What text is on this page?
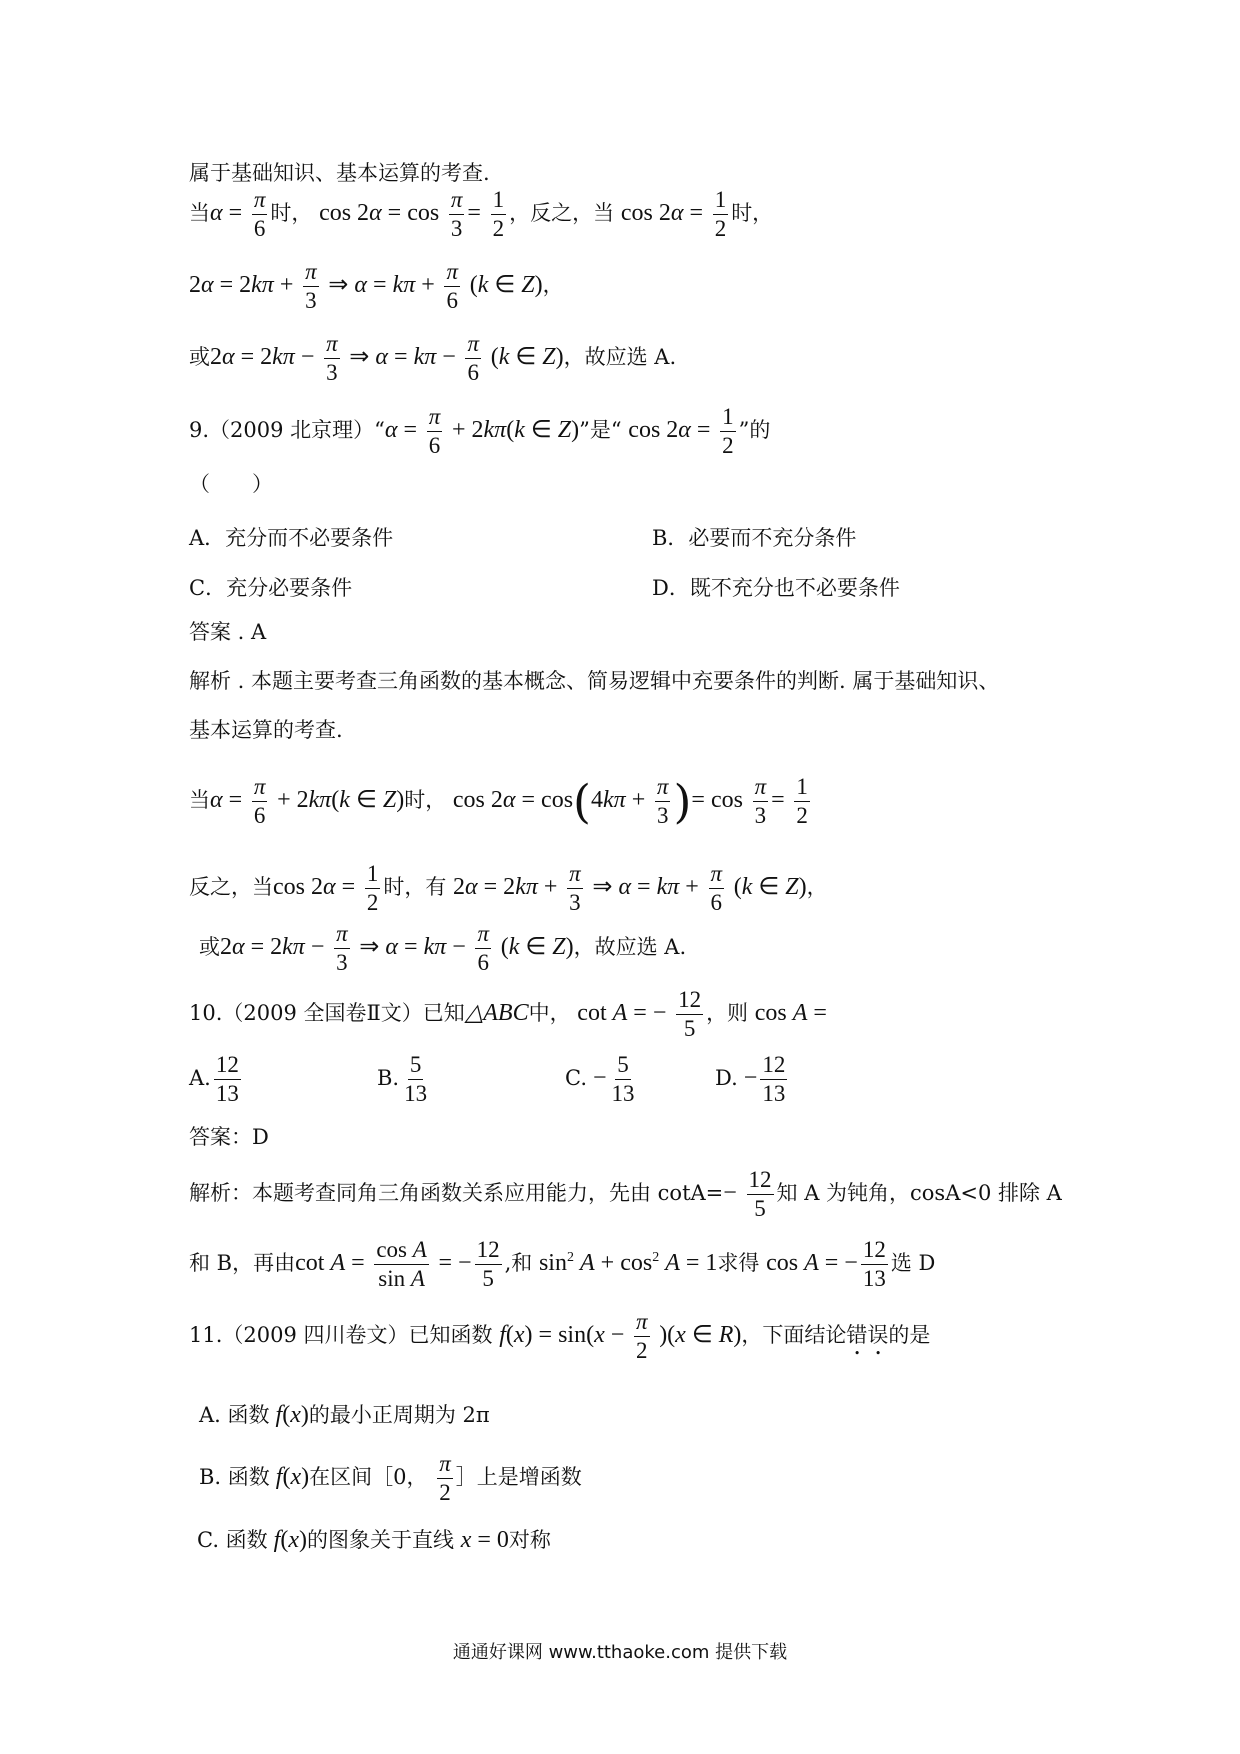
属于基础知识、基本运算的考查.
当$\alpha = \frac{\pi}{6}$ 时， $\cos 2\alpha = \cos \frac{\pi}{3} = \frac{1}{2}$ ，反之，当 $\cos 2\alpha = \frac{1}{2}$ 时，
$2\alpha = 2k\pi + \frac{\pi}{3}$ ⇒ $\alpha = k\pi + \frac{\pi}{6} (k$ ∈ Z)，
或$2\alpha = 2k\pi - \frac{\pi}{3}$ ⇒ $\alpha = k\pi - \frac{\pi}{6} (k$ ∈ Z)，故应选 A.
9.（2009 北京理）“α = $\frac{\pi}{6} + 2k\pi(k$ ∈ Z)”是“ $\cos 2\alpha = \frac{1}{2}$ ”的
（　　）
A．充分而不必要条件	B．必要而不充分条件
C．充分必要条件	D．既不充分也不必要条件
答案 . A
解析 . 本题主要考查三角函数的基本概念、简易逻辑中充要条件的判断. 属于基础知识、
基本运算的考查.
当$\alpha = \frac{\pi}{6} + 2k\pi(k$ ∈ Z)时， $\cos 2\alpha = \cos(4k\pi + \frac{\pi}{3}$ )= $\cos \frac{\pi}{3} = \frac{1}{2}$
反之，当$\cos 2\alpha = \frac{1}{2}$ 时，有 $2\alpha = 2k\pi + \frac{\pi}{3}$ ⇒ $\alpha = k\pi + \frac{\pi}{6} (k$ ∈ Z)，
或$2\alpha = 2k\pi - \frac{\pi}{3}$ ⇒ $\alpha = k\pi - \frac{\pi}{6} (k$ ∈ Z)，故应选 A.
10.（2009 全国卷Ⅱ文）已知△ABC中， cot A = − $\frac{12}{5}$ ，则 cos A =
A. $\frac{12}{13}$	B. $\frac{5}{13}$	C. − $\frac{5}{13}$	D. − $\frac{12}{13}$
答案：D
解析：本题考查同角三角函数关系应用能力，先由 $\cot A=- \frac{12}{5}$ 知 A 为钝角，cosA<0 排除 A
和 B，再由$\cot A = \frac{\text{cos A}}{\text{sin A}}$ = − $\frac{12}{5}$ ,和 $\sin^2 A + \cos^2 A = 1$求得 cos A = − $\frac{12}{13}$ 选 D
11.（2009 四川卷文）已知函数 $f(x) = \sin(x - \frac{\pi}{2} )(x$ ∈ R)，下面结论错误的是
A. 函数 f(x)的最小正周期为 2π
B. 函数 f(x)在区间［0， $\frac{\pi}{2}$ ］上是增函数
C. 函数 f(x)的图象关于直线 x = 0对称
通通好课网 www.tthaoke.com 提供下载
